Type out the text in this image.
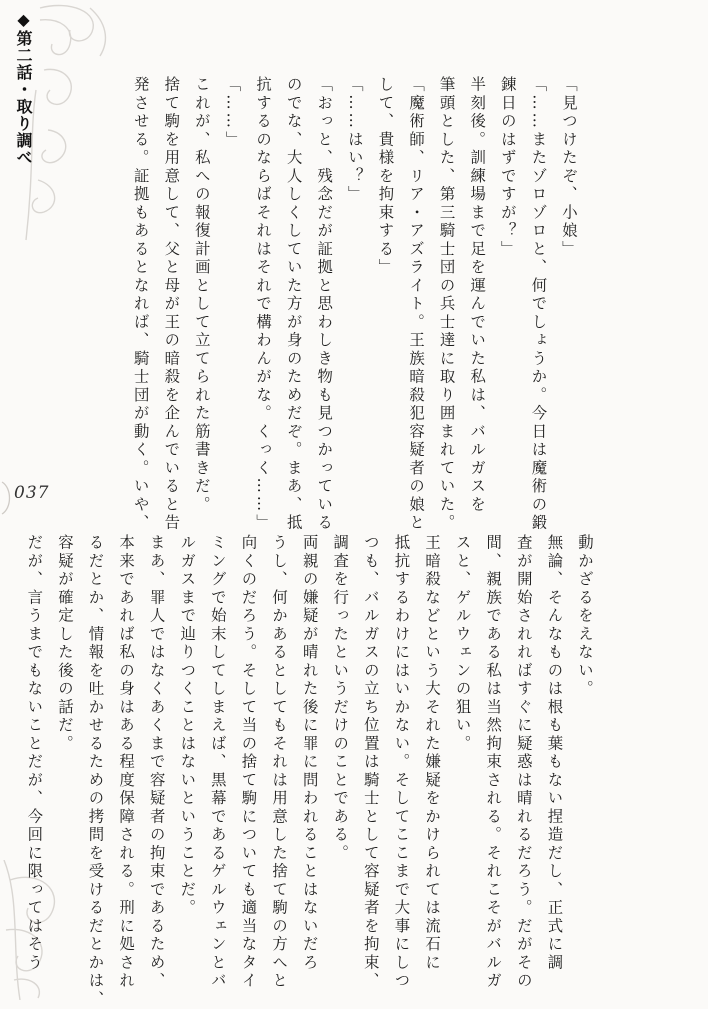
◆第二話・取り調べ
037
「見つけたぞ、小娘」
「……またゾロゾロと、何でしょうか。今日は魔術の鍛
錬日のはずですが？」
半刻後。訓練場まで足を運んでいた私は、バルガスを
筆頭とした、第三騎士団の兵士達に取り囲まれていた。
「魔術師、リア・アズライト。王族暗殺犯容疑者の娘と
して、貴様を拘束する」
「……はい？」
「おっと、残念だが証拠と思わしき物も見つかっている
のでな、大人しくしていた方が身のためだぞ。まあ、抵
抗するのならばそれはそれで構わんがな。くっく……」
「……」
これが、私への報復計画として立てられた筋書きだ。
捨て駒を用意して、父と母が王の暗殺を企んでいると告
発させる。証拠もあるとなれば、騎士団が動く。いや、
動かざるをえない。
無論、そんなものは根も葉もない捏造だし、正式に調
査が開始されればすぐに疑惑は晴れるだろう。だがその
間、親族である私は当然拘束される。それこそがバルガ
スと、ゲルウェンの狙い。
王暗殺などという大それた嫌疑をかけられては流石に
抵抗するわけにはいかない。そしてここまで大事にしつ
つも、バルガスの立ち位置は騎士として容疑者を拘束、
調査を行ったというだけのことである。
両親の嫌疑が晴れた後に罪に問われることはないだろ
うし、何かあるとしてもそれは用意した捨て駒の方へと
向くのだろう。そして当の捨て駒についても適当なタイ
ミングで始末してしまえば、黒幕であるゲルウェンとバ
ルガスまで辿りつくことはないということだ。
まあ、罪人ではなくあくまで容疑者の拘束であるため、
本来であれば私の身はある程度保障される。刑に処され
るだとか、情報を吐かせるための拷問を受けるだとかは、
容疑が確定した後の話だ。
だが、言うまでもないことだが、今回に限ってはそう
